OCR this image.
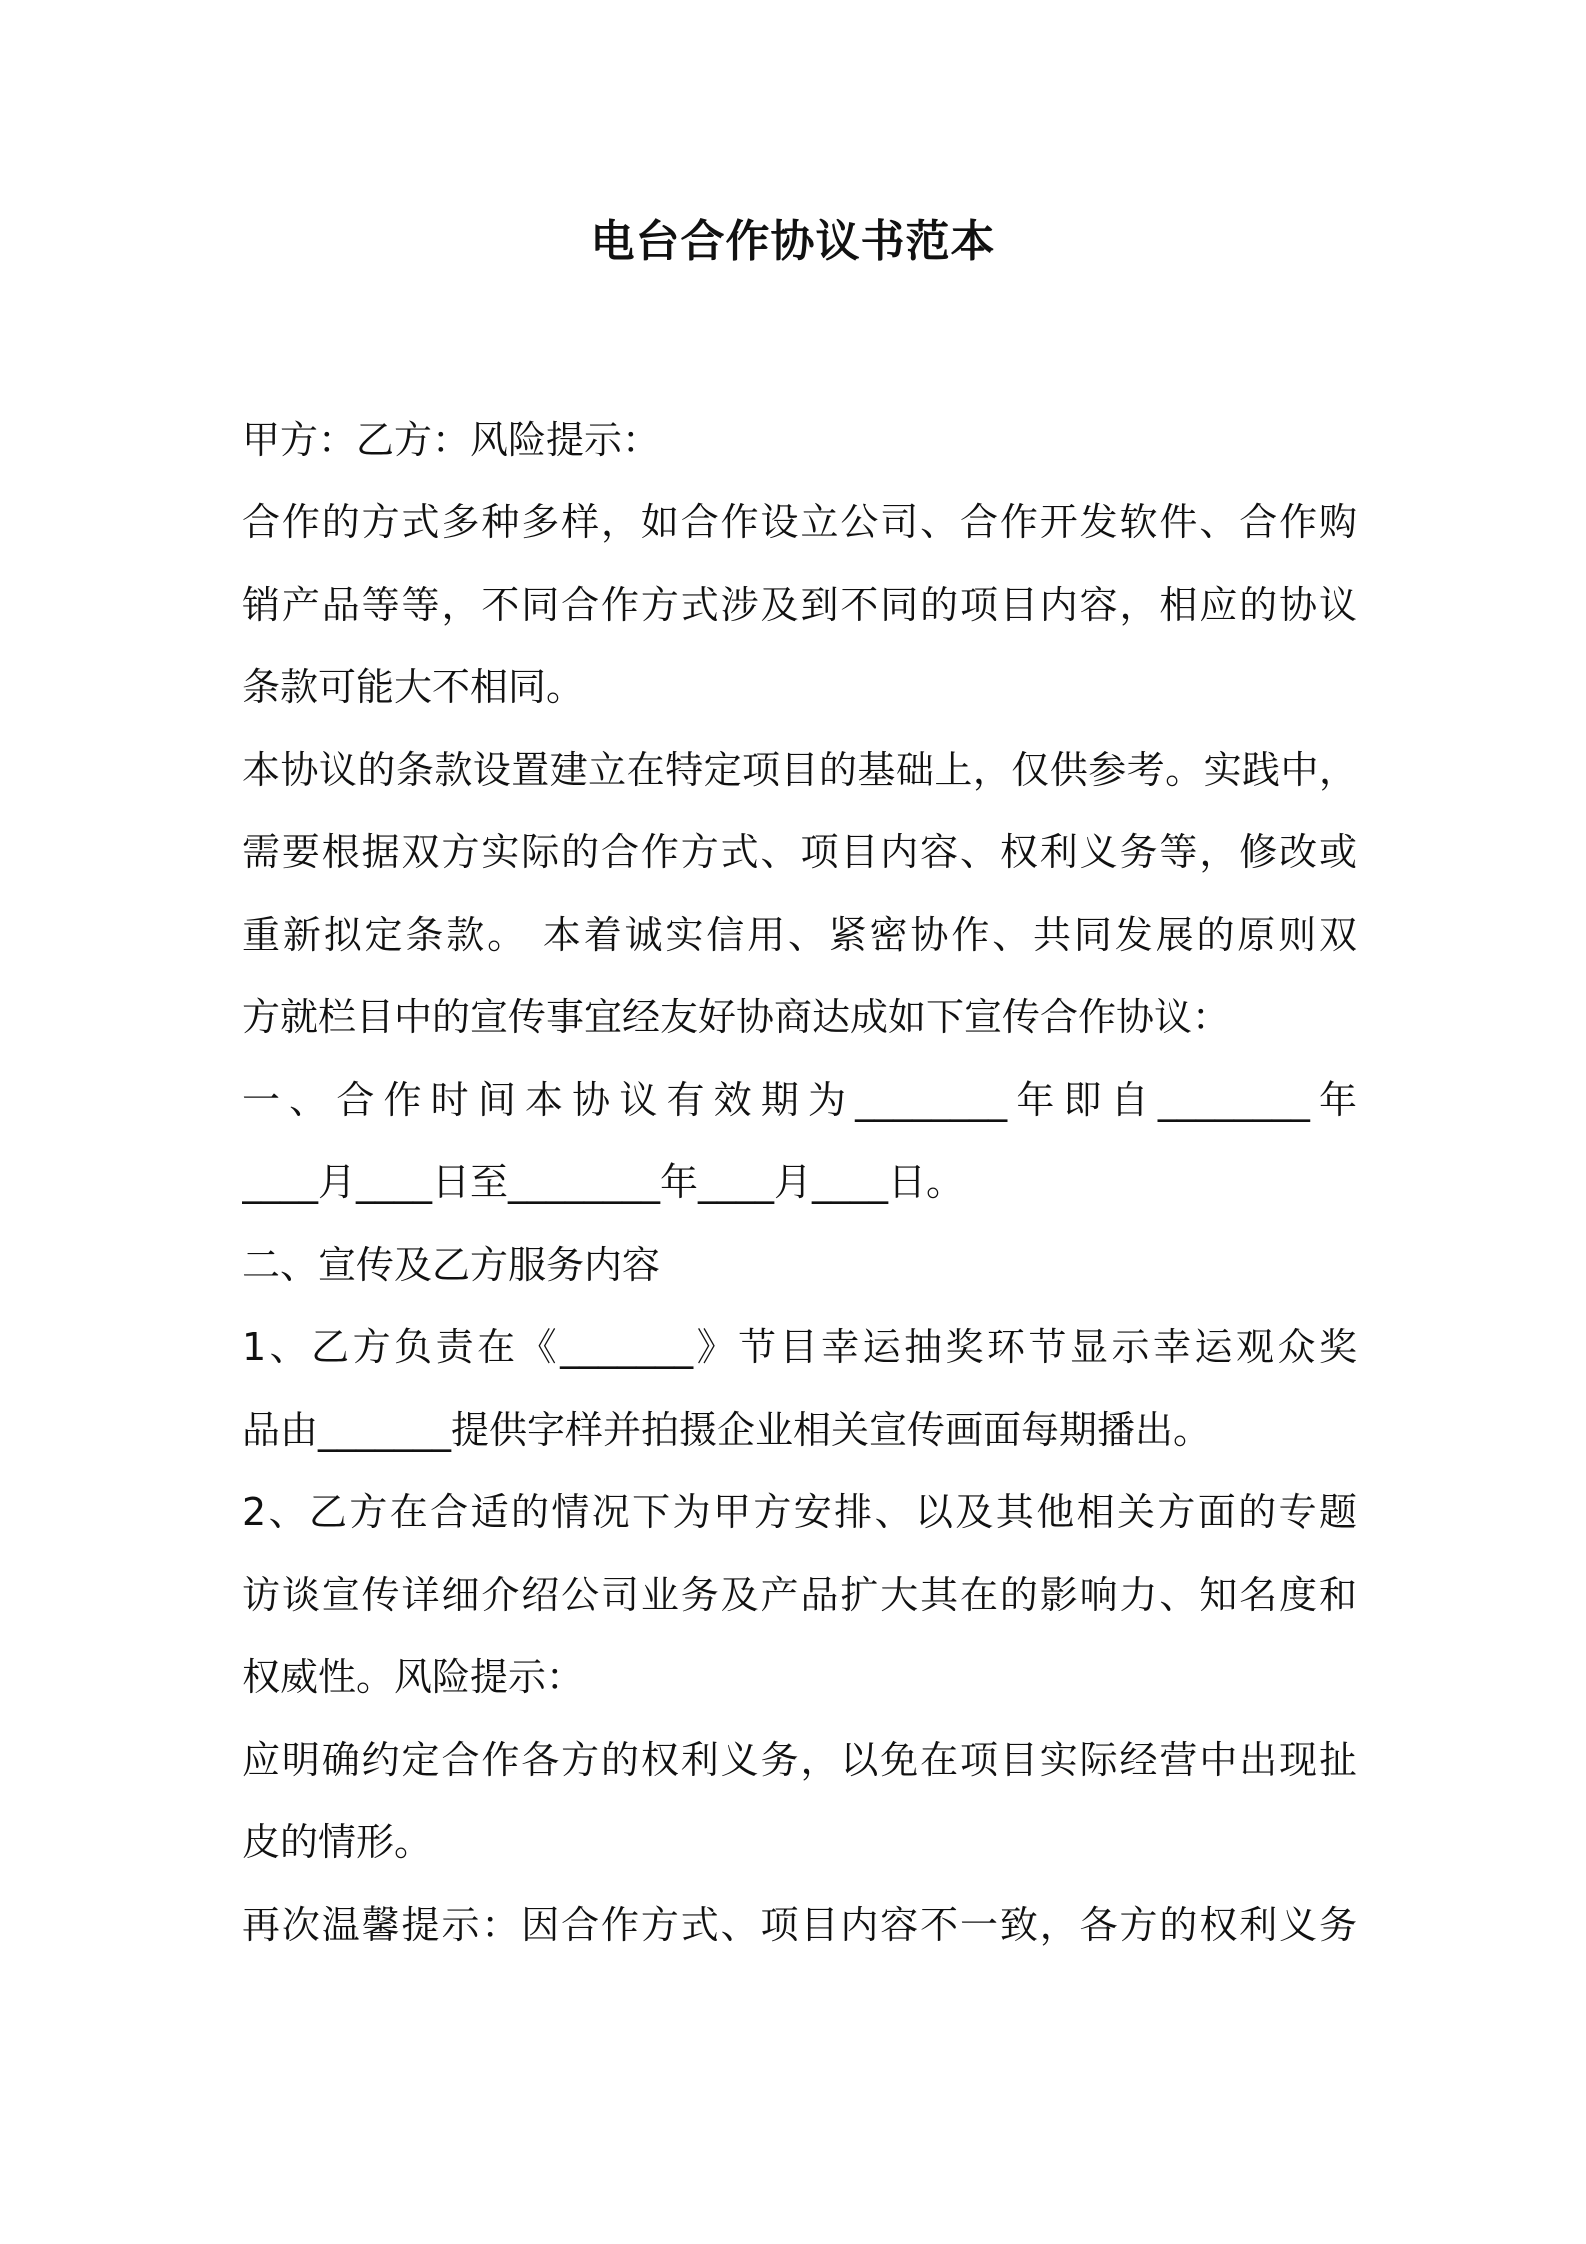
电台合作协议书范本
甲方：乙方：风险提示：
合作的方式多种多样，如合作设立公司、合作开发软件、合作购
销产品等等，不同合作方式涉及到不同的项目内容，相应的协议
条款可能大不相同。
本协议的条款设置建立在特定项目的基础上，仅供参考。实践中，
需要根据双方实际的合作方式、项目内容、权利义务等，修改或
重新拟定条款。 本着诚实信用、紧密协作、共同发展的原则双
方就栏目中的宣传事宜经友好协商达成如下宣传合作协议：
一、合作时间本协议有效期为________年即自________年
____月____日至________年____月____日。
二、宣传及乙方服务内容
1、乙方负责在《_______》节目幸运抽奖环节显示幸运观众奖
品由_______提供字样并拍摄企业相关宣传画面每期播出。
2、乙方在合适的情况下为甲方安排、以及其他相关方面的专题
访谈宣传详细介绍公司业务及产品扩大其在的影响力、知名度和
权威性。风险提示：
应明确约定合作各方的权利义务，以免在项目实际经营中出现扯
皮的情形。
再次温馨提示：因合作方式、项目内容不一致，各方的权利义务
